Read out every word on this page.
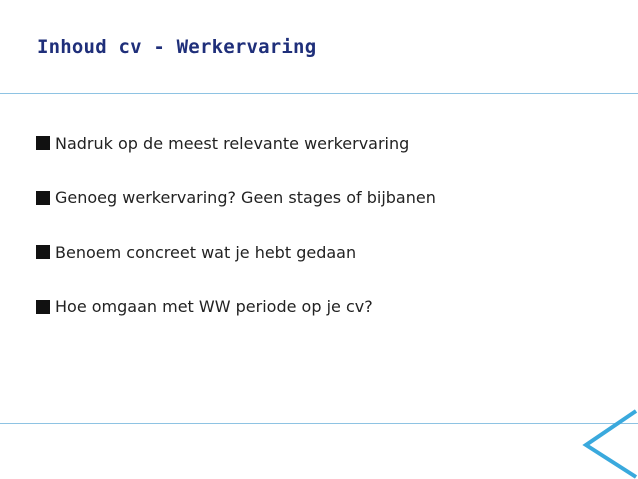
Inhoud cv - Werkervaring
Nadruk op de meest relevante werkervaring
Genoeg werkervaring? Geen stages of bijbanen
Benoem concreet wat je hebt gedaan
Hoe omgaan met WW periode op je cv?
